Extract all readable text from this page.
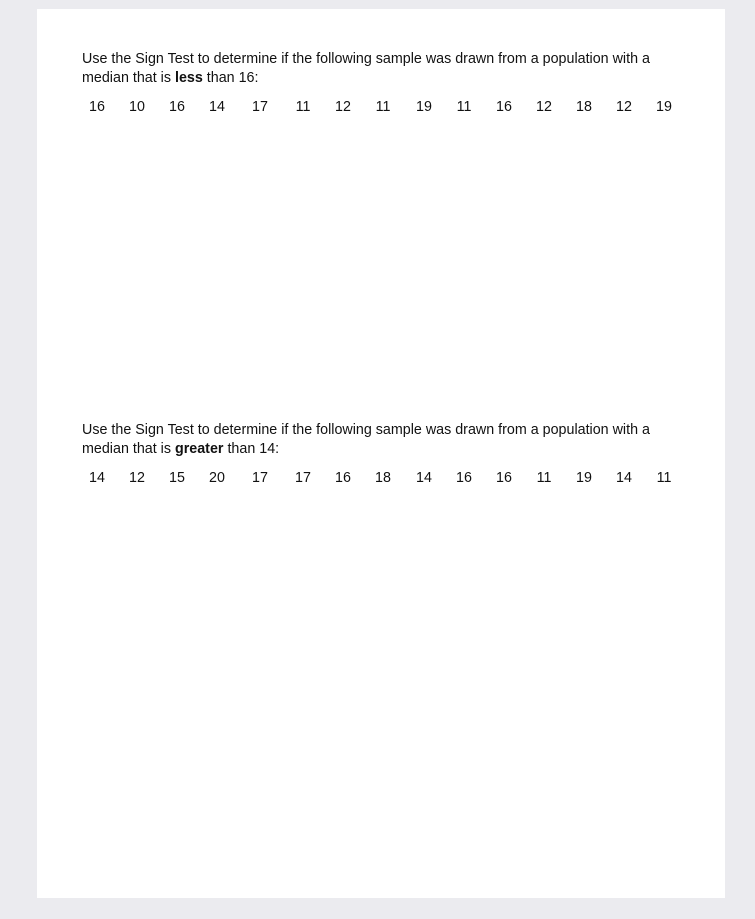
Use the Sign Test to determine if the following sample was drawn from a population with a median that is less than 16:

16	10	16	14	17	11	12	11	19	11	16	12	18	12	19

Use the Sign Test to determine if the following sample was drawn from a population with a median that is greater than 14:

14	12	15	20	17	17	16	18	14	16	16	11	19	14	11
